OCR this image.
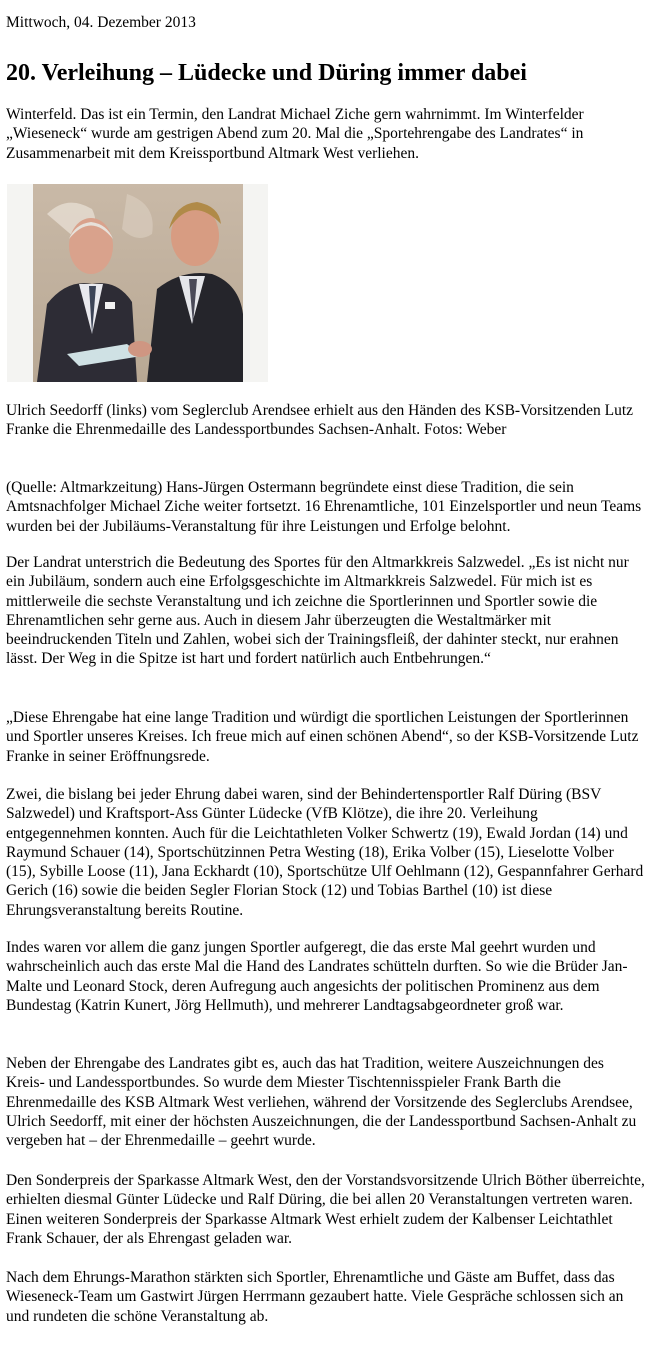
Mittwoch, 04. Dezember 2013
20. Verleihung – Lüdecke und Düring immer dabei

Winterfeld. Das ist ein Termin, den Landrat Michael Ziche gern wahrnimmt. Im Winterfelder „Wieseneck“ wurde am gestrigen Abend zum 20. Mal die „Sportehrengabe des Landrates“ in Zusammenarbeit mit dem Kreissportbund Altmark West verliehen.

Ulrich Seedorff (links) vom Seglerclub Arendsee erhielt aus den Händen des KSB-Vorsitzenden Lutz Franke die Ehrenmedaille des Landessportbundes Sachsen-Anhalt. Fotos: Weber

(Quelle: Altmarkzeitung) Hans-Jürgen Ostermann begründete einst diese Tradition, die sein Amtsnachfolger Michael Ziche weiter fortsetzt. 16 Ehrenamtliche, 101 Einzelsportler und neun Teams wurden bei der Jubiläums-Veranstaltung für ihre Leistungen und Erfolge belohnt.

Der Landrat unterstrich die Bedeutung des Sportes für den Altmarkkreis Salzwedel. „Es ist nicht nur ein Jubiläum, sondern auch eine Erfolgsgeschichte im Altmarkkreis Salzwedel. Für mich ist es mittlerweile die sechste Veranstaltung und ich zeichne die Sportlerinnen und Sportler sowie die Ehrenamtlichen sehr gerne aus. Auch in diesem Jahr überzeugten die Westaltmärker mit beeindruckenden Titeln und Zahlen, wobei sich der Trainingsfleiß, der dahinter steckt, nur erahnen lässt. Der Weg in die Spitze ist hart und fordert natürlich auch Entbehrungen.“

„Diese Ehrengabe hat eine lange Tradition und würdigt die sportlichen Leistungen der Sportlerinnen und Sportler unseres Kreises. Ich freue mich auf einen schönen Abend“, so der KSB-Vorsitzende Lutz Franke in seiner Eröffnungsrede.

Zwei, die bislang bei jeder Ehrung dabei waren, sind der Behindertensportler Ralf Düring (BSV Salzwedel) und Kraftsport-Ass Günter Lüdecke (VfB Klötze), die ihre 20. Verleihung entgegennehmen konnten. Auch für die Leichtathleten Volker Schwertz (19), Ewald Jordan (14) und Raymund Schauer (14), Sportschützinnen Petra Westing (18), Erika Volber (15), Lieselotte Volber (15), Sybille Loose (11), Jana Eckhardt (10), Sportschütze Ulf Oehlmann (12), Gespannfahrer Gerhard Gerich (16) sowie die beiden Segler Florian Stock (12) und Tobias Barthel (10) ist diese Ehrungsveranstaltung bereits Routine.

Indes waren vor allem die ganz jungen Sportler aufgeregt, die das erste Mal geehrt wurden und wahrscheinlich auch das erste Mal die Hand des Landrates schütteln durften. So wie die Brüder Jan-Malte und Leonard Stock, deren Aufregung auch angesichts der politischen Prominenz aus dem Bundestag (Katrin Kunert, Jörg Hellmuth), und mehrerer Landtagsabgeordneter groß war.

Neben der Ehrengabe des Landrates gibt es, auch das hat Tradition, weitere Auszeichnungen des Kreis- und Landessportbundes. So wurde dem Miester Tischtennisspieler Frank Barth die Ehrenmedaille des KSB Altmark West verliehen, während der Vorsitzende des Seglerclubs Arendsee, Ulrich Seedorff, mit einer der höchsten Auszeichnungen, die der Landessportbund Sachsen-Anhalt zu vergeben hat – der Ehrenmedaille – geehrt wurde.

Den Sonderpreis der Sparkasse Altmark West, den der Vorstandsvorsitzende Ulrich Böther überreichte, erhielten diesmal Günter Lüdecke und Ralf Düring, die bei allen 20 Veranstaltungen vertreten waren. Einen weiteren Sonderpreis der Sparkasse Altmark West erhielt zudem der Kalbenser Leichtathlet Frank Schauer, der als Ehrengast geladen war.

Nach dem Ehrungs-Marathon stärkten sich Sportler, Ehrenamtliche und Gäste am Buffet, dass das Wieseneck-Team um Gastwirt Jürgen Herrmann gezaubert hatte. Viele Gespräche schlossen sich an und rundeten die schöne Veranstaltung ab.
